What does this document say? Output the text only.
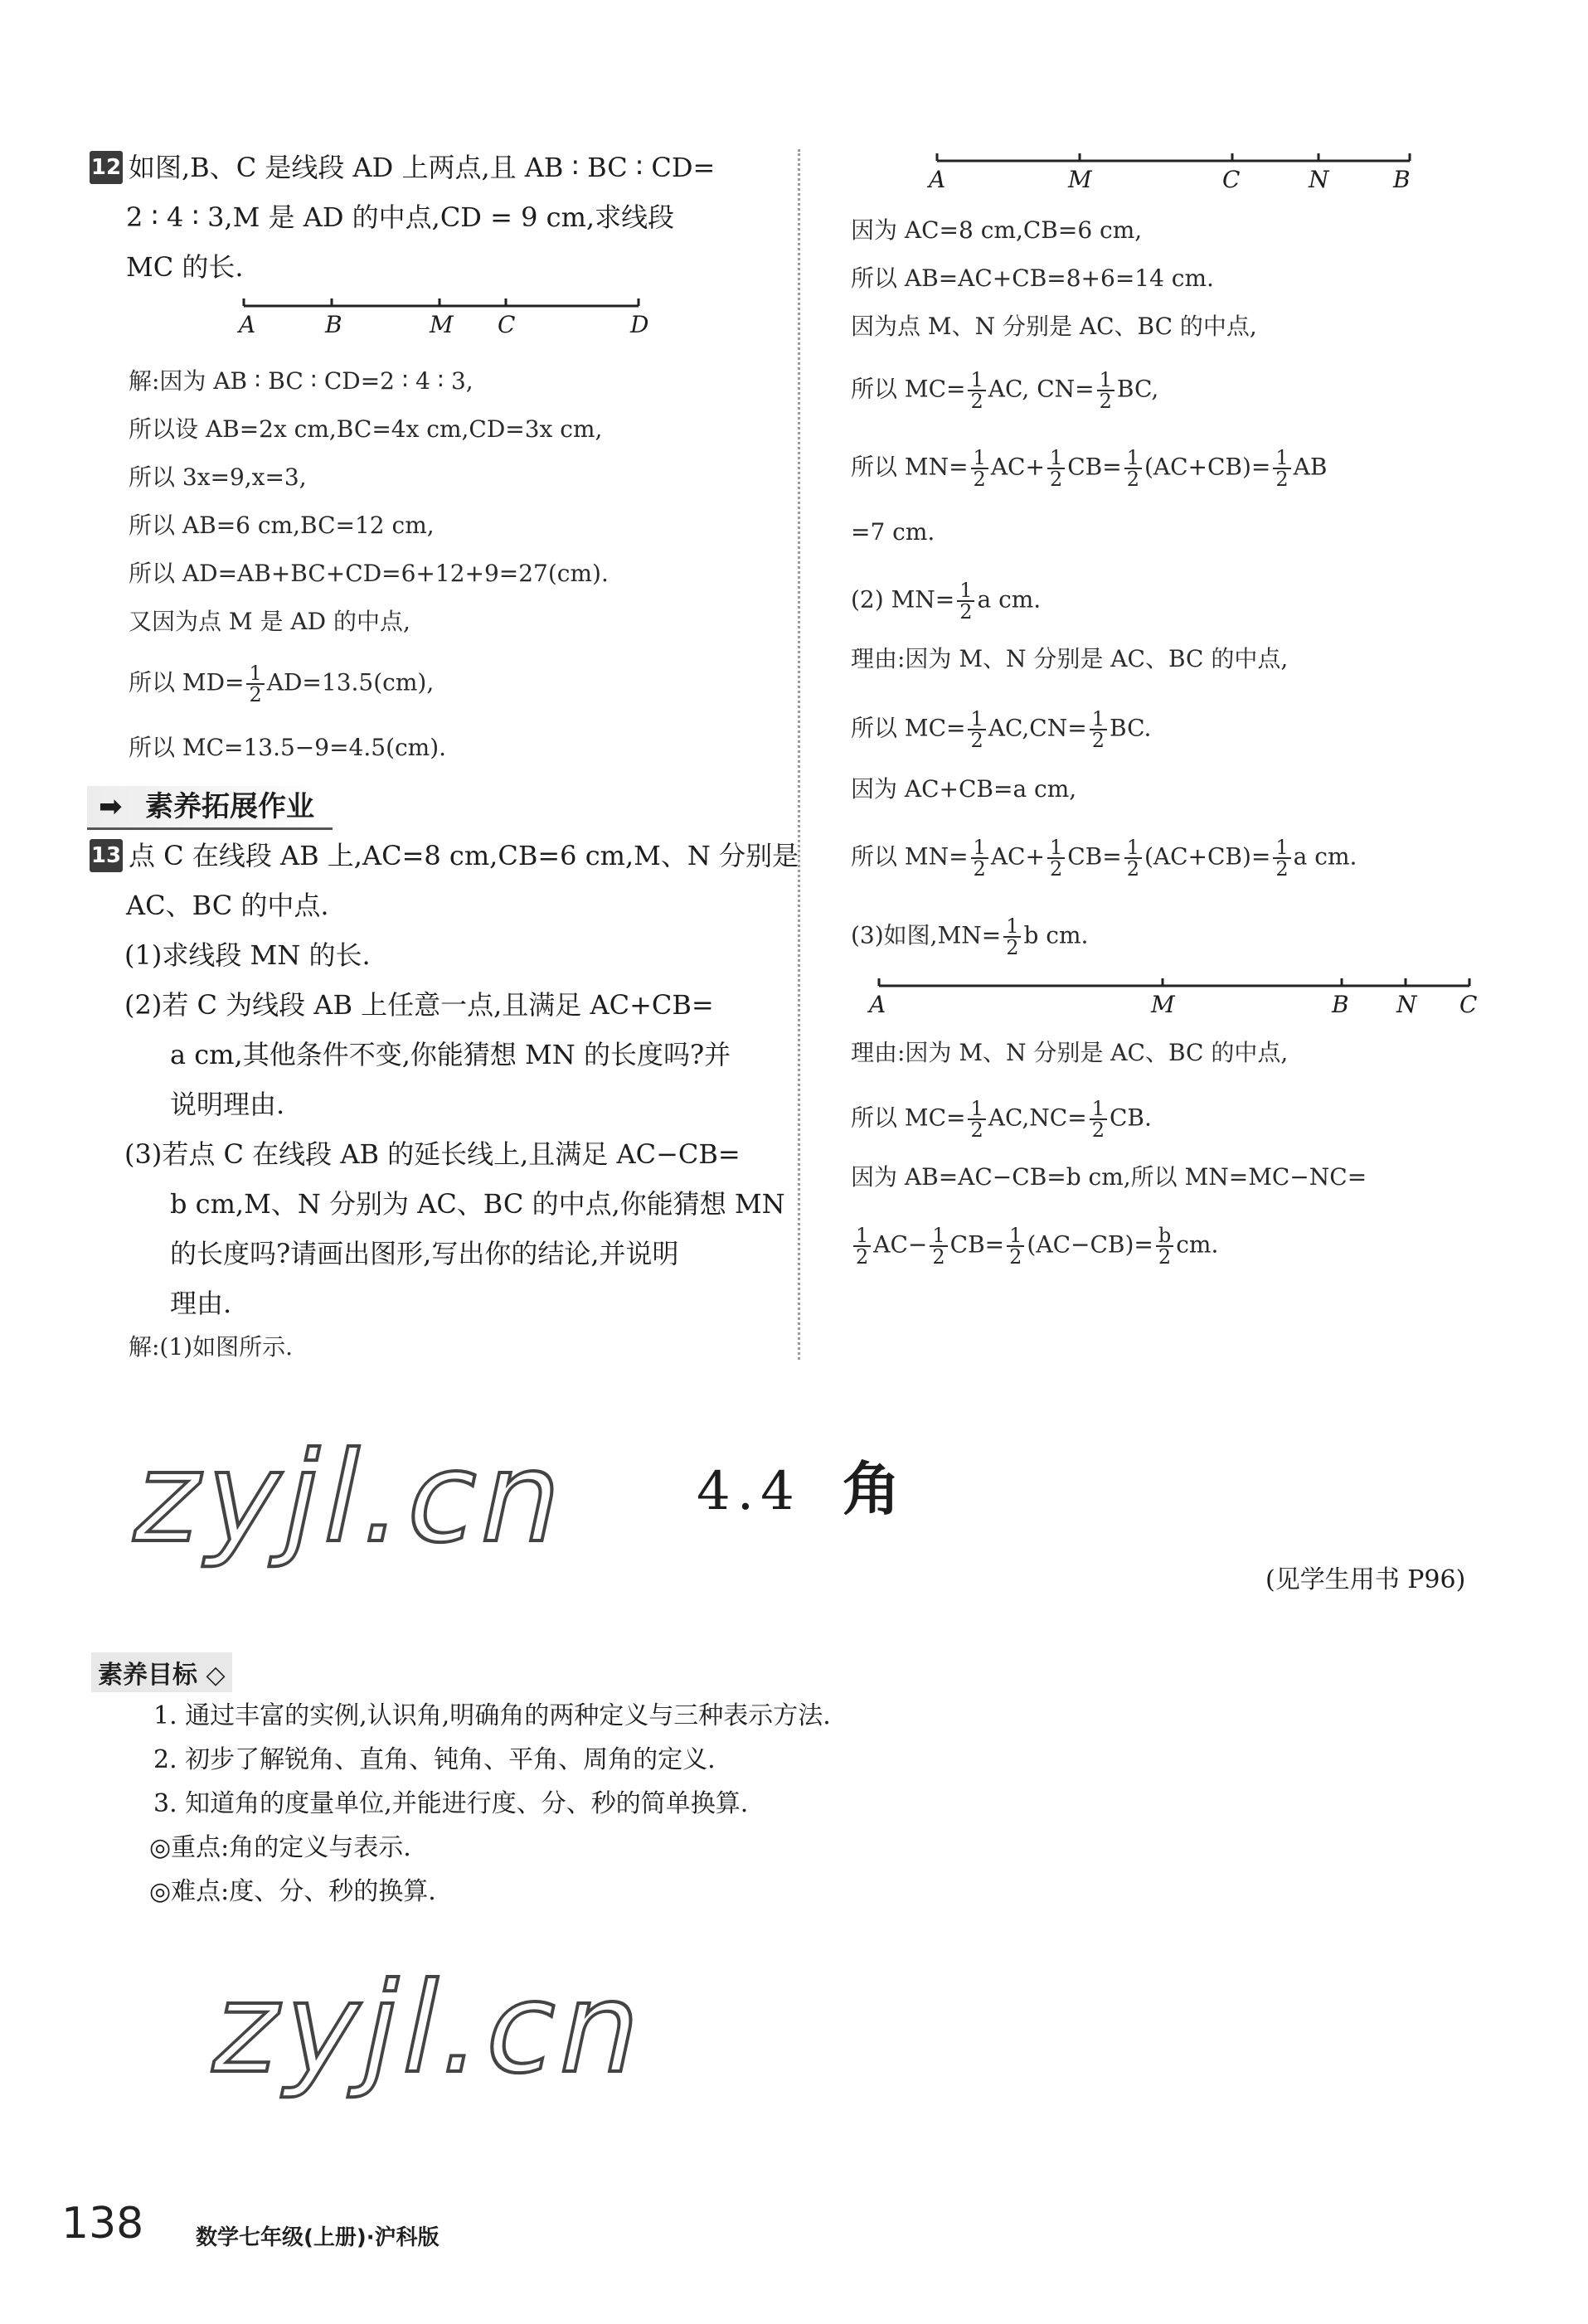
12 如图,B、C 是线段 AD 上两点,且 AB ∶ BC ∶ CD=
2 ∶ 4 ∶ 3,M 是 AD 的中点,CD = 9 cm,求线段
MC 的长.
A	B	M C	D
解:因为 AB ∶ BC ∶ CD=2 ∶ 4 ∶ 3,
所以设 AB=2x cm,BC=4x cm,CD=3x cm,
所以 3x=9,x=3,
所以 AB=6 cm,BC=12 cm,
所以 AD=AB+BC+CD=6+12+9=27(cm).
又因为点 M 是 AD 的中点,
所以 $MD= \frac{1}{2} AD=13.5(cm)$,
所以 MC=13.5−9=4.5(cm).
➡ 素养拓展作业
13 点 C 在线段 AB 上,AC=8 cm,CB=6 cm,M、N 分别是
AC、BC 的中点.
(1)求线段 MN 的长.
(2)若 C 为线段 AB 上任意一点,且满足 AC+CB=
a cm,其他条件不变,你能猜想 MN 的长度吗?并
说明理由.
(3)若点 C 在线段 AB 的延长线上,且满足 AC−CB=
b cm,M、N 分别为 AC、BC 的中点,你能猜想 MN
的长度吗?请画出图形,写出你的结论,并说明
理由.
解:(1)如图所示.
A	M	C	N	B
因为 AC=8 cm,CB=6 cm,
所以 AB=AC+CB=8+6=14 cm.
因为点 M、N 分别是 AC、BC 的中点,
所以 $MC= \frac{1}{2}$ AC, $CN= \frac{1}{2}$ BC,
所以 $MN= \frac{1}{2} AC+ \frac{1}{2} CB= \frac{1}{2} (AC+CB)= \frac{1}{2}$ AB
=7 cm.
(2) $MN= \frac{1}{2}$ a cm.
理由:因为 M、N 分别是 AC、BC 的中点,
所以 $MC= \frac{1}{2} AC,CN= \frac{1}{2}$ BC.
因为 AC+CB=a cm,
所以 $MN= \frac{1}{2} AC+ \frac{1}{2} CB= \frac{1}{2} (AC+CB)= \frac{1}{2}$ a cm.
(3)如图$,MN= \frac{1}{2}$ b cm.
A	M	B N C
理由:因为 M、N 分别是 AC、BC 的中点,
所以 $MC= \frac{1}{2} AC,NC= \frac{1}{2}$ CB.
因为 AB=AC−CB=b cm,所以 MN=MC−NC=
$\frac{1}{2} AC- \frac{1}{2} CB= \frac{1}{2} (AC-CB)= \frac{b}{2}$ cm.
zyjl.cn
zyjl.cn
4.4 角
(见学生用书 P96)
素养目标 ◇
1. 通过丰富的实例,认识角,明确角的两种定义与三种表示方法.
2. 初步了解锐角、直角、钝角、平角、周角的定义.
3. 知道角的度量单位,并能进行度、分、秒的简单换算.
◎重点:角的定义与表示.
◎难点:度、分、秒的换算.
138 数学七年级(上册)·沪科版
